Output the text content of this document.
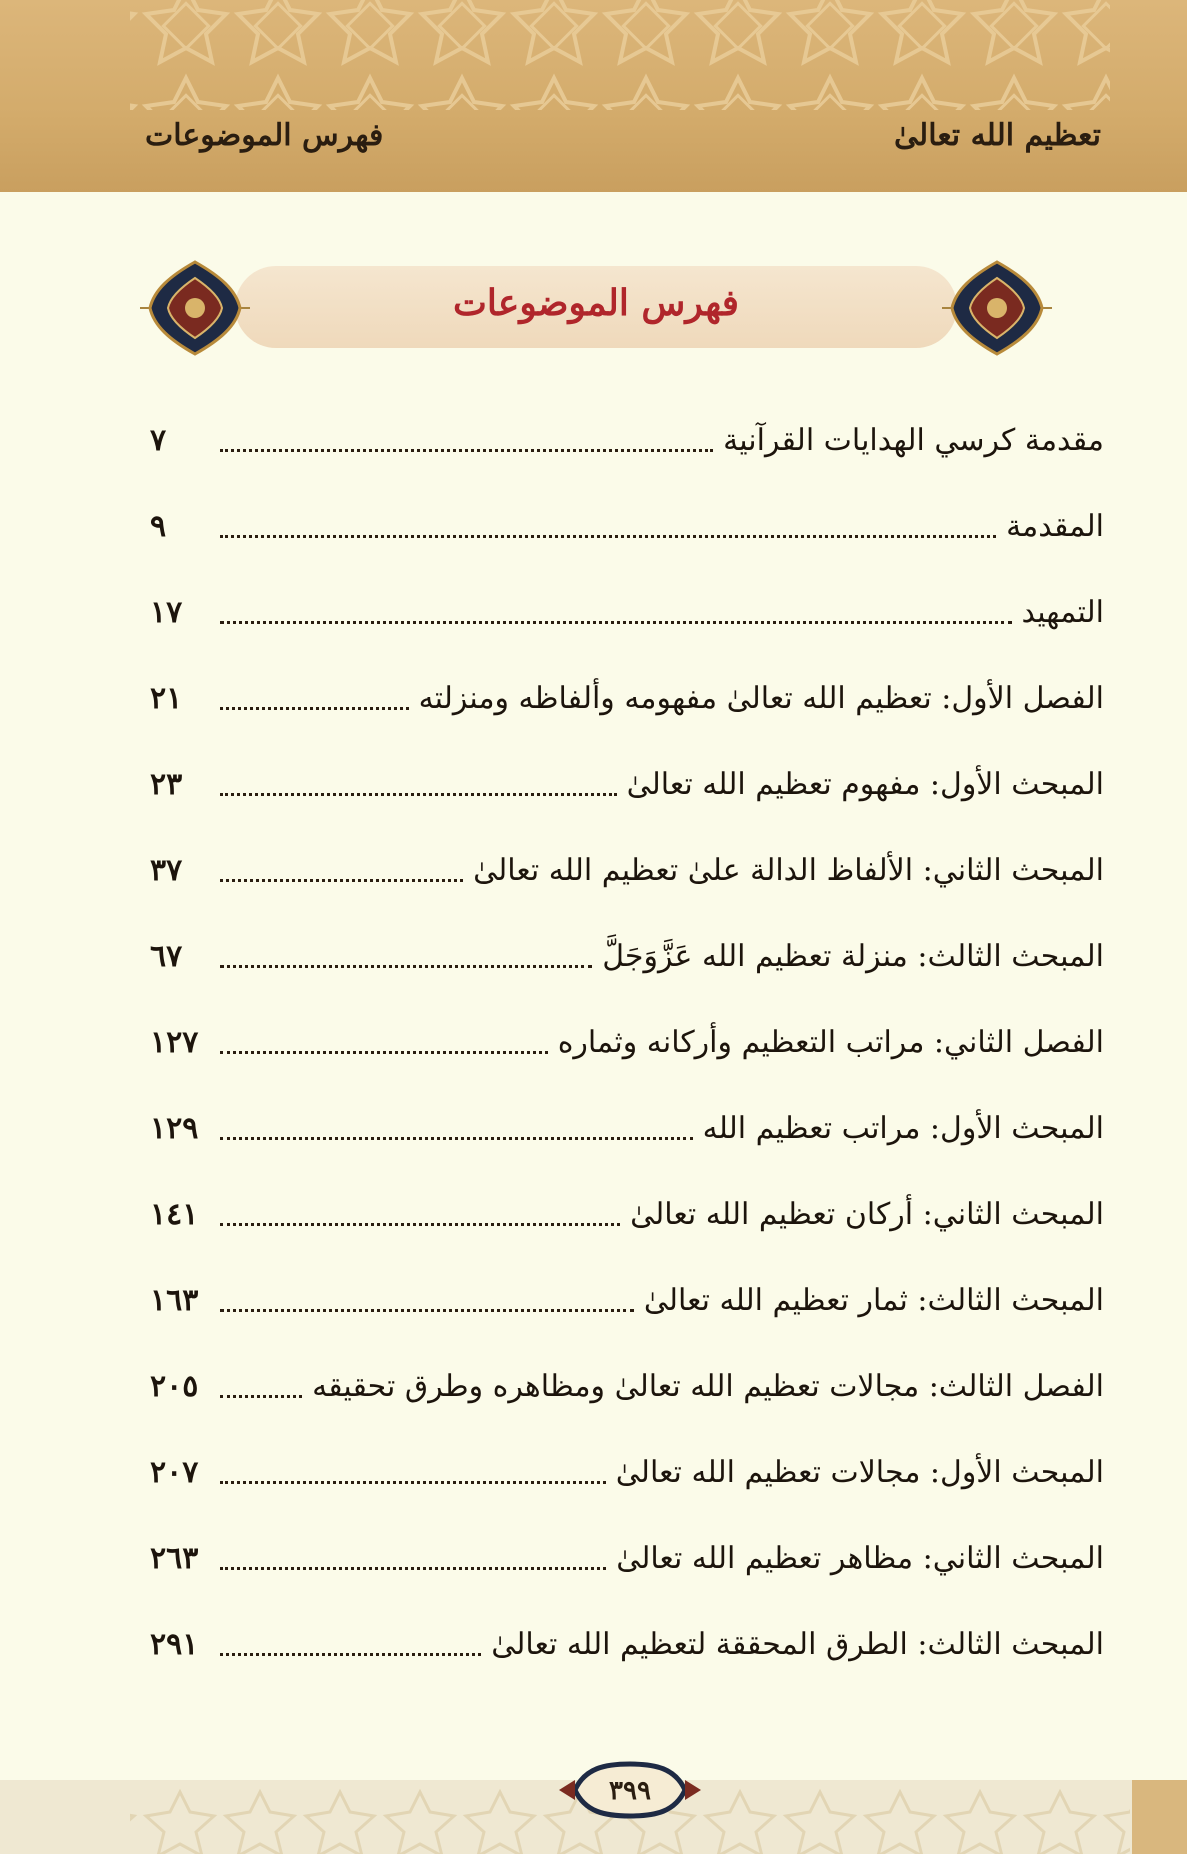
تعظيم الله تعالىٰ
فهرس الموضوعات
فهرس الموضوعات
مقدمة كرسي الهدايات القرآنية
٧
المقدمة
٩
التمهيد
١٧
الفصل الأول: تعظيم الله تعالىٰ مفهومه وألفاظه ومنزلته
٢١
المبحث الأول: مفهوم تعظيم الله تعالىٰ
٢٣
المبحث الثاني: الألفاظ الدالة علىٰ تعظيم الله تعالىٰ
٣٧
المبحث الثالث: منزلة تعظيم الله عَزَّوَجَلَّ
٦٧
الفصل الثاني: مراتب التعظيم وأركانه وثماره
١٢٧
المبحث الأول: مراتب تعظيم الله
١٢٩
المبحث الثاني: أركان تعظيم الله تعالىٰ
١٤١
المبحث الثالث: ثمار تعظيم الله تعالىٰ
١٦٣
الفصل الثالث: مجالات تعظيم الله تعالىٰ ومظاهره وطرق تحقيقه
٢٠٥
المبحث الأول: مجالات تعظيم الله تعالىٰ
٢٠٧
المبحث الثاني: مظاهر تعظيم الله تعالىٰ
٢٦٣
المبحث الثالث: الطرق المحققة لتعظيم الله تعالىٰ
٢٩١
٣٩٩
